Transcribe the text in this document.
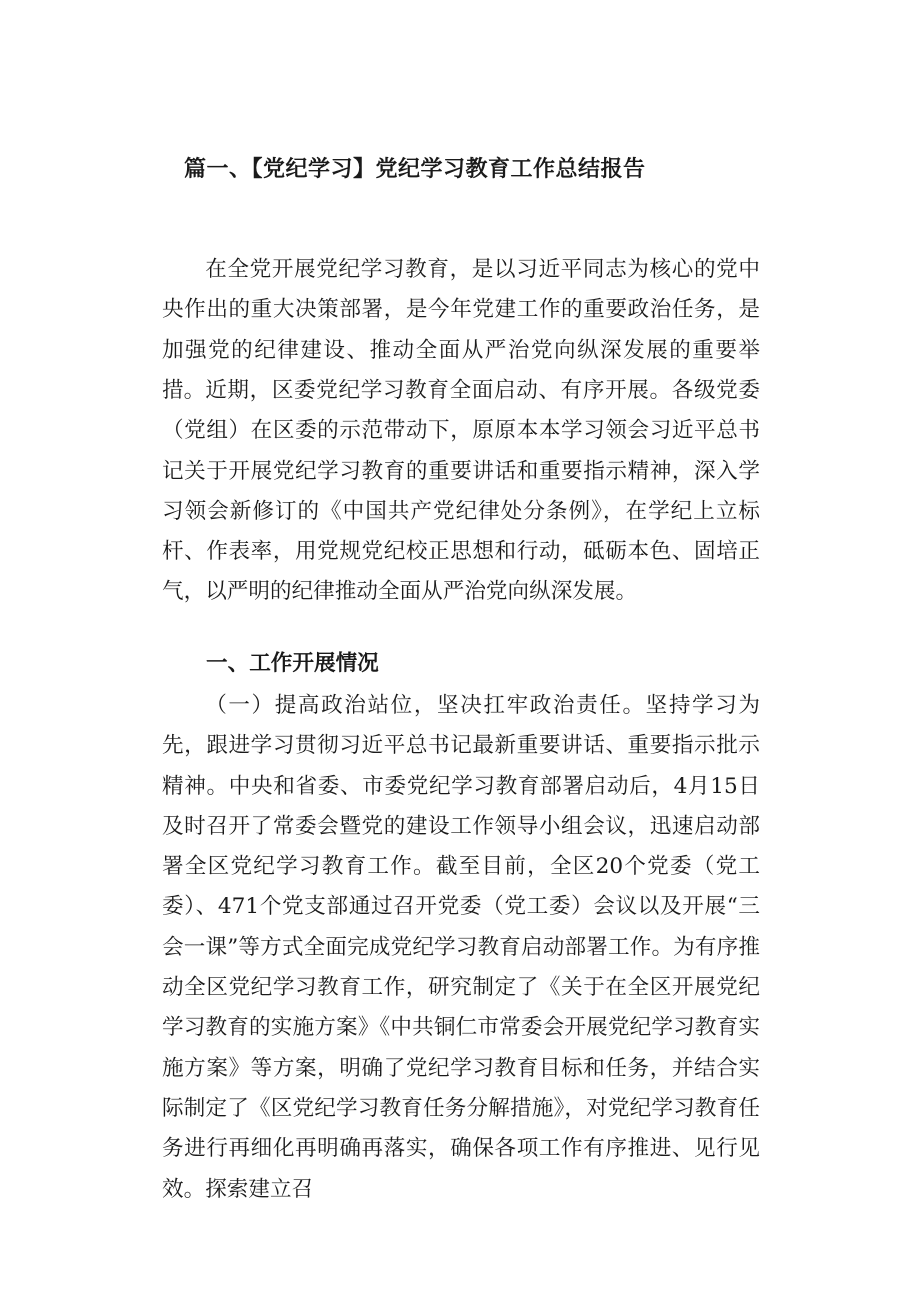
篇一、【党纪学习】党纪学习教育工作总结报告

在全党开展党纪学习教育，是以习近平同志为核心的党中央作出的重大决策部署，是今年党建工作的重要政治任务，是加强党的纪律建设、推动全面从严治党向纵深发展的重要举措。 近期，区委党纪学习教育全面启动、有序开展。各级党委（党组）在区委的示范带动下，原原本本学习领会习近平总书记关于开展党纪学习教育的重要讲话和重要指示精神，深入学习领会新修订的《中国共产党纪律处分条例》，在学纪上立标杆、作表率，用党规党纪校正思想和行动，砥砺本色、固培正气，以严明的纪律推动全面从严治党向纵深发展。

一、工作开展情况

（一）提高政治站位，坚决扛牢政治责任。坚持学习为先，跟进学习贯彻习近平总书记最新重要讲话、重要指示批示精神。中央和省委、市委党纪学习教育部署启动后，4月15日及时召开了常委会暨党的建设工作领导小组会议，迅速启动部署全区党纪学习教育工作。截至目前，全区20个党委（党工委）、471个党支部通过召开党委（党工委）会议以及开展“三会一课”等方式全面完成党纪学习教育启动部署工作。为有序推动全区党纪学习教育工作，研究制定了《关于在全区开展党纪学习教育的实施方案》《中共铜仁市常委会开展党纪学习教育实施方案》等方案，明确了党纪学习教育目标和任务，并结合实际制定了《区党纪学习教育任务分解措施》，对党纪学习教育任务进行再细化再明确再落实，确保各项工作有序推进、见行见效。探索建立召
